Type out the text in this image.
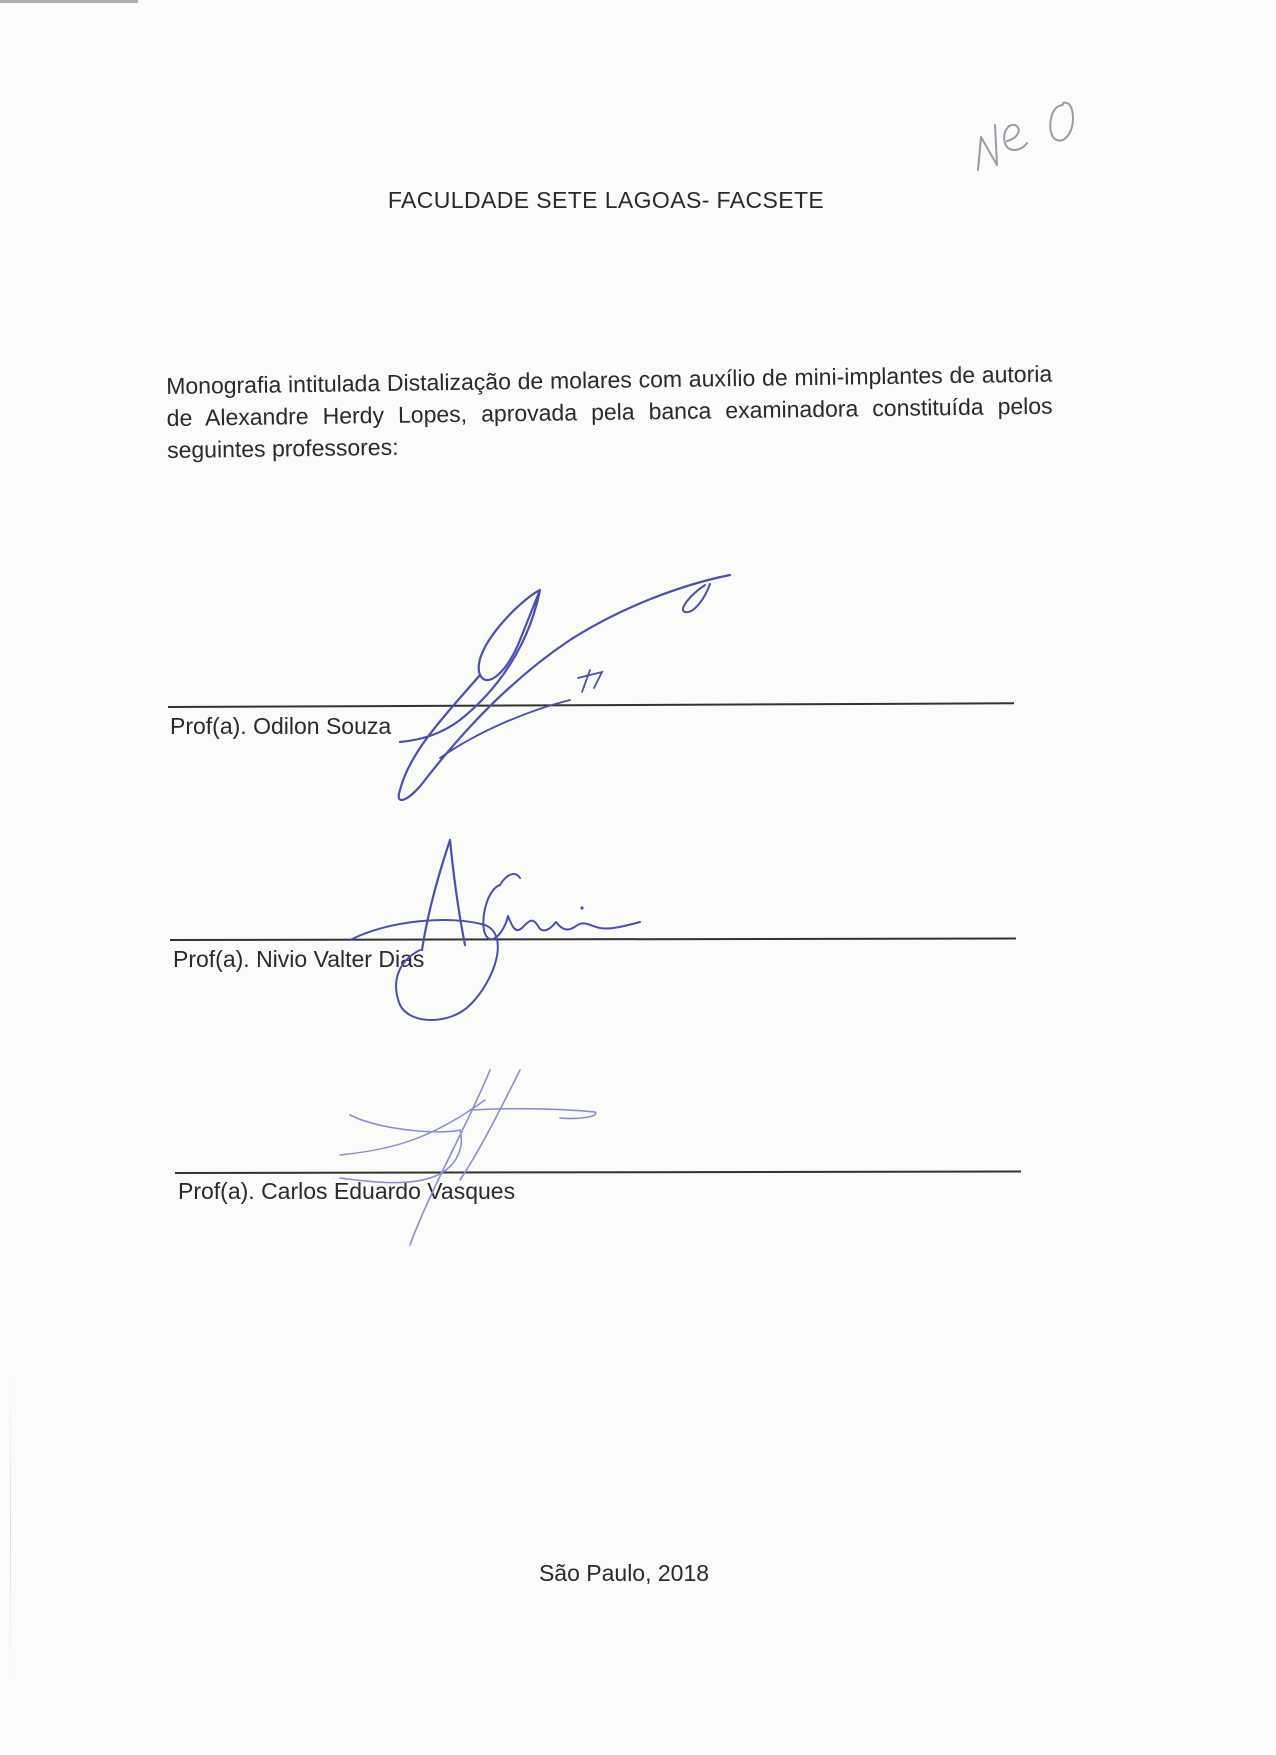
FACULDADE SETE LAGOAS- FACSETE
Monografia intitulada Distalização de molares com auxílio de mini-implantes de autoria de Alexandre Herdy Lopes, aprovada pela banca examinadora constituída pelos seguintes professores:
Prof(a). Odilon Souza
Prof(a). Nivio Valter Dias
Prof(a). Carlos Eduardo Vasques
São Paulo, 2018
